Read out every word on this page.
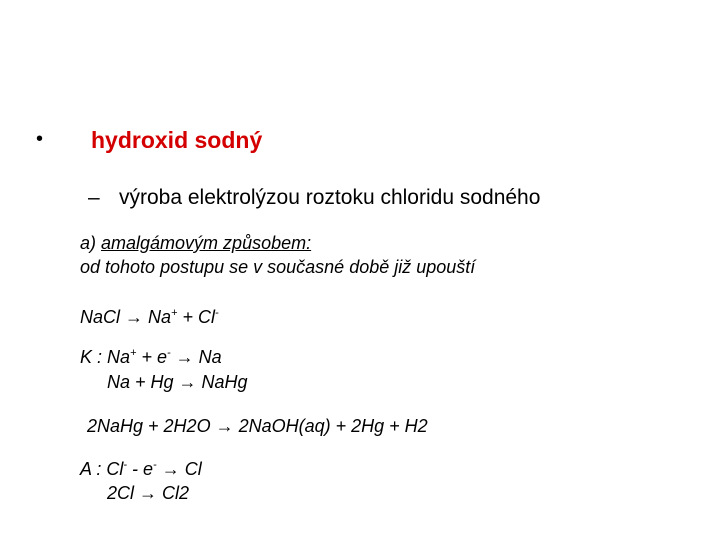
• hydroxid sodný
– výroba elektrolýzou roztoku chloridu sodného
a) amalgámovým způsobem:
od tohoto postupu se v současné době již upouští
NaCl → Na+ + Cl-
K : Na+ + e- → Na
Na + Hg → NaHg
2NaHg + 2H2O → 2NaOH(aq) + 2Hg + H2
A : Cl- - e- → Cl
2Cl → Cl2
